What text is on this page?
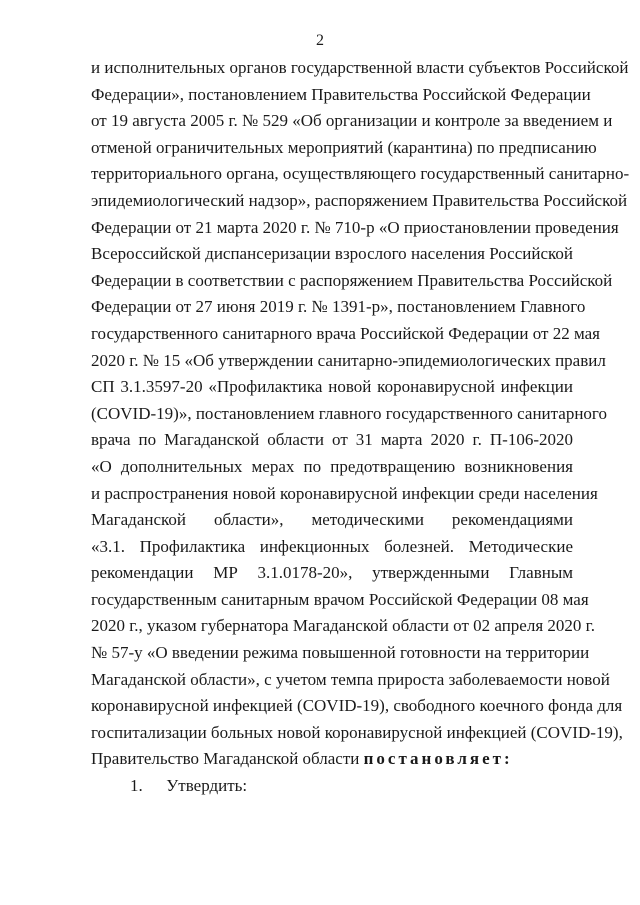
2
и исполнительных органов государственной власти субъектов Российской
Федерации», постановлением Правительства Российской Федерации
от 19 августа 2005 г. № 529 «Об организации и контроле за введением и
отменой ограничительных мероприятий (карантина) по предписанию
территориального органа, осуществляющего государственный санитарно-
эпидемиологический надзор», распоряжением Правительства Российской
Федерации от 21 марта 2020 г. № 710-р «О приостановлении проведения
Всероссийской диспансеризации взрослого населения Российской
Федерации в соответствии с распоряжением Правительства Российской
Федерации от 27 июня 2019 г. № 1391-р», постановлением Главного
государственного санитарного врача Российской Федерации от 22 мая
2020 г. № 15 «Об утверждении санитарно-эпидемиологических правил
СП 3.1.3597-20 «Профилактика новой коронавирусной инфекции
(COVID-19)», постановлением главного государственного санитарного
врача по Магаданской области от 31 марта 2020 г. П-106-2020
«О дополнительных мерах по предотвращению возникновения
и распространения новой коронавирусной инфекции среди населения
Магаданской области», методическими рекомендациями
«3.1. Профилактика инфекционных болезней. Методические
рекомендации МР 3.1.0178-20», утвержденными Главным
государственным санитарным врачом Российской Федерации 08 мая
2020 г., указом губернатора Магаданской области от 02 апреля 2020 г.
№ 57-у «О введении режима повышенной готовности на территории
Магаданской области», с учетом темпа прироста заболеваемости новой
коронавирусной инфекцией (COVID-19), свободного коечного фонда для
госпитализации больных новой коронавирусной инфекцией (COVID-19),
Правительство Магаданской области постановляет:
1. Утвердить:
